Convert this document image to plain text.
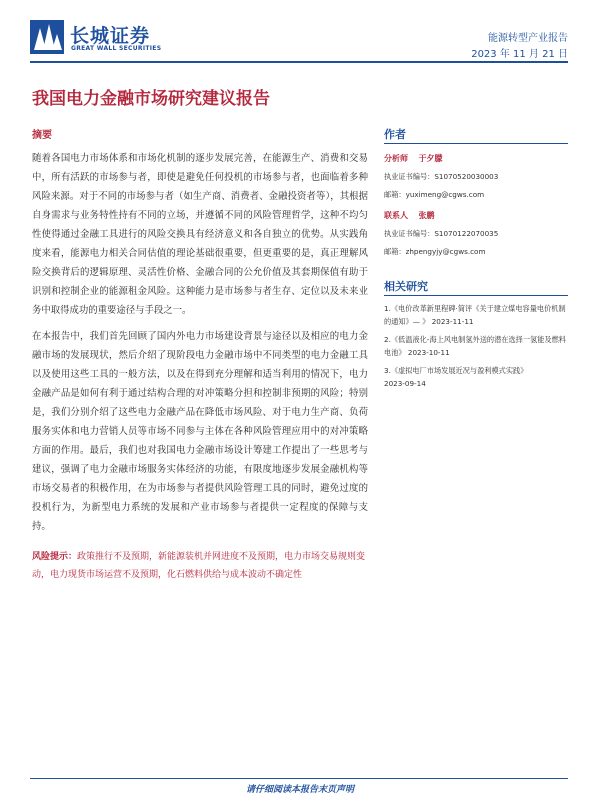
长城证券
GREAT WALL SECURITIES
能源转型产业报告
2023 年 11 月 21 日
我国电力金融市场研究建议报告
摘要

随着各国电力市场体系和市场化机制的逐步发展完善，在能源生产、消费和交易中，所有活跃的市场参与者，即使是避免任何投机的市场参与者，也面临着多种风险来源。对于不同的市场参与者（如生产商、消费者、金融投资者等），其根据自身需求与业务特性持有不同的立场，并遵循不同的风险管理哲学，这种不均匀性使得通过金融工具进行的风险交换具有经济意义和各自独立的优势。从实践角度来看，能源电力相关合同估值的理论基础很重要，但更重要的是，真正理解风险交换背后的逻辑原理、灵活性价格、金融合同的公允价值及其套期保值有助于识别和控制企业的能源租金风险。这种能力是市场参与者生存、定位以及未来业务中取得成功的重要途径与手段之一。

在本报告中，我们首先回顾了国内外电力市场建设背景与途径以及相应的电力金融市场的发展现状，然后介绍了现阶段电力金融市场中不同类型的电力金融工具以及使用这些工具的一般方法，以及在得到充分理解和适当利用的情况下，电力金融产品是如何有利于通过结构合理的对冲策略分担和控制非预期的风险；特别是，我们分别介绍了这些电力金融产品在降低市场风险、对于电力生产商、负荷服务实体和电力营销人员等市场不同参与主体在各种风险管理应用中的对冲策略方面的作用。最后，我们也对我国电力金融市场设计筹建工作提出了一些思考与建议，强调了电力金融市场服务实体经济的功能，有限度地逐步发展金融机构等市场交易者的积极作用，在为市场参与者提供风险管理工具的同时，避免过度的投机行为，为新型电力系统的发展和产业市场参与者提供一定程度的保障与支持。

风险提示：政策推行不及预期，新能源装机并网进度不及预期，电力市场交易规则变动，电力现货市场运营不及预期，化石燃料供给与成本波动不确定性
作者
分析师 于夕朦
执业证书编号：S1070520030003
邮箱：yuximeng@cgws.com
联系人 张鹏
执业证书编号：S1070122070035
邮箱：zhpengyjy@cgws.com
相关研究
1.《电价改革新里程碑·简评《关于建立煤电容量电价机制的通知》— 》 2023-11-11
2.《低温液化-海上风电制氢外送的潜在选择一氢能及燃料电池》 2023-10-11
3.《虚拟电厂市场发展近况与盈利模式实践》
2023-09-14
请仔细阅读本报告末页声明
